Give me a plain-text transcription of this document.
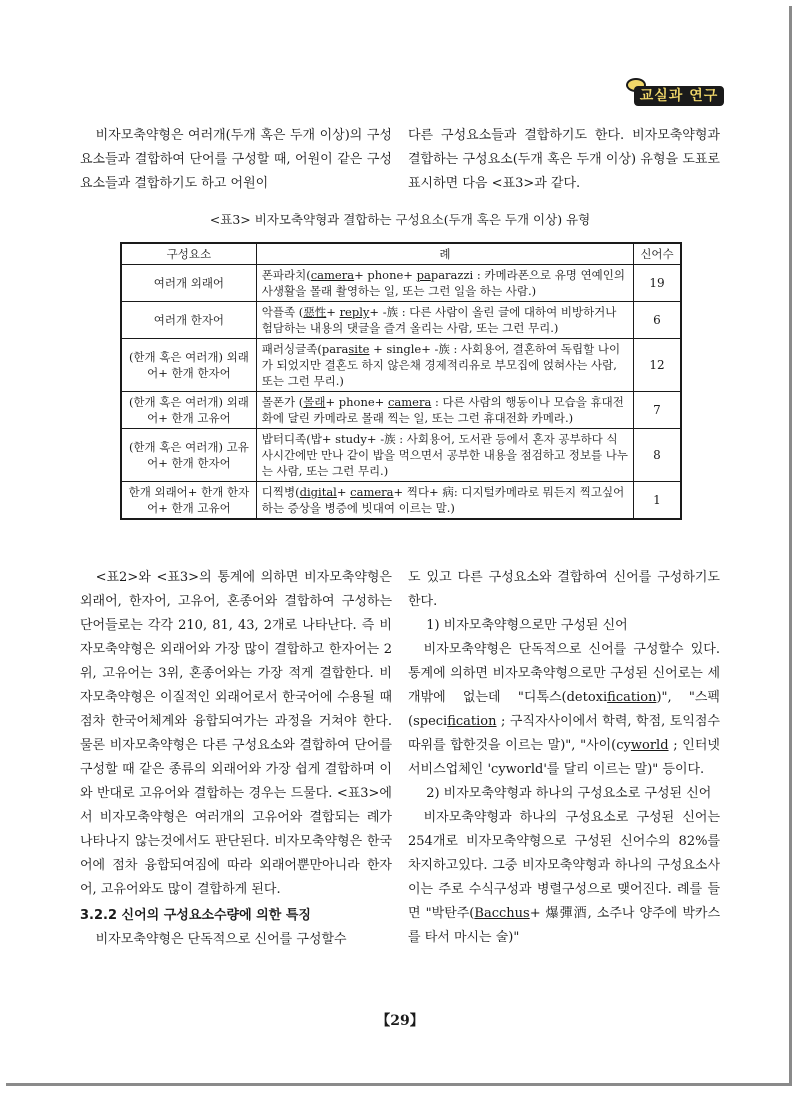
교실과 연구

비자모축약형은 여러개(두개 혹은 두개 이상)의 구성요소들과 결합하여 단어를 구성할 때, 어원이 같은 구성요소들과 결합하기도 하고 어원이

다른 구성요소들과 결합하기도 한다. 비자모축약형과 결합하는 구성요소(두개 혹은 두개 이상) 유형을 도표로 표시하면 다음 <표3>과 같다.

<표3> 비자모축약형과 결합하는 구성요소(두개 혹은 두개 이상) 유형
구성요소	례	신어수
여러개 외래어	폰파라치(camera+ phone+ paparazzi : 카메라폰으로 유명 연예인의 사생활을 몰래 촬영하는 일, 또는 그런 일을 하는 사람.)	19
여러개 한자어	악플족 (惡性+ reply+ -族 : 다른 사람이 올린 글에 대하여 비방하거나 험담하는 내용의 댓글을 즐겨 올리는 사람, 또는 그런 무리.)	6
(한개 혹은 여러개) 외래어+ 한개 한자어	패러싱글족(parasite + single+ -族 : 사회용어, 결혼하여 독립할 나이가 되었지만 결혼도 하지 않은채 경제적리유로 부모집에 얹혀사는 사람, 또는 그런 무리.)	12
(한개 혹은 여러개) 외래어+ 한개 고유어	몰폰가 (몰래+ phone+ camera : 다른 사람의 행동이나 모습을 휴대전화에 달린 카메라로 몰래 찍는 일, 또는 그런 휴대전화 카메라.)	7
(한개 혹은 여러개) 고유어+ 한개 한자어	밥터디족(밥+ study+ -族 : 사회용어, 도서관 등에서 혼자 공부하다 식사시간에만 만나 같이 밥을 먹으면서 공부한 내용을 점검하고 정보를 나누는 사람, 또는 그런 무리.)	8
한개 외래어+ 한개 한자어+ 한개 고유어	디찍병(digital+ camera+ 찍다+ 病: 디지털카메라로 뭐든지 찍고싶어하는 증상을 병증에 빗대여 이르는 말.)	1

<표2>와 <표3>의 통계에 의하면 비자모축약형은 외래어, 한자어, 고유어, 혼종어와 결합하여 구성하는 단어들로는 각각 210, 81, 43, 2개로 나타난다. 즉 비자모축약형은 외래어와 가장 많이 결합하고 한자어는 2위, 고유어는 3위, 혼종어와는 가장 적게 결합한다. 비자모축약형은 이질적인 외래어로서 한국어에 수용될 때 점차 한국어체계와 융합되여가는 과정을 거쳐야 한다. 물론 비자모축약형은 다른 구성요소와 결합하여 단어를 구성할 때 같은 종류의 외래어와 가장 쉽게 결합하며 이와 반대로 고유어와 결합하는 경우는 드물다. <표3>에서 비자모축약형은 여러개의 고유어와 결합되는 례가 나타나지 않는것에서도 판단된다. 비자모축약형은 한국어에 점차 융합되여짐에 따라 외래어뿐만아니라 한자어, 고유어와도 많이 결합하게 된다.

3.2.2 신어의 구성요소수량에 의한 특징

비자모축약형은 단독적으로 신어를 구성할수

도 있고 다른 구성요소와 결합하여 신어를 구성하기도 한다.

1) 비자모축약형으로만 구성된 신어

비자모축약형은 단독적으로 신어를 구성할수 있다. 통계에 의하면 비자모축약형으로만 구성된 신어로는 세개밖에 없는데 "디톡스(detoxification)", "스펙(specification ; 구직자사이에서 학력, 학점, 토익점수따위를 합한것을 이르는 말)", "사이(cyworld ; 인터넷 서비스업체인 'cyworld'를 달리 이르는 말)" 등이다.

2) 비자모축약형과 하나의 구성요소로 구성된 신어

비자모축약형과 하나의 구성요소로 구성된 신어는 254개로 비자모축약형으로 구성된 신어수의 82%를 차지하고있다. 그중 비자모축약형과 하나의 구성요소사이는 주로 수식구성과 병렬구성으로 맺어진다. 례를 들면 "박탄주(Bacchus+ 爆彈酒, 소주나 양주에 박카스를 타서 마시는 술)"

【29】
